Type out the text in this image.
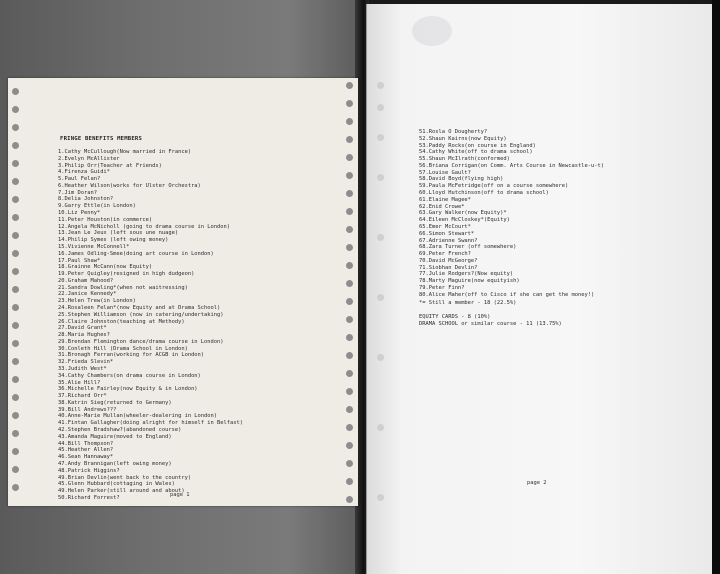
51.Rosla O Dougherty?
52.Shaun Kairns(now Equity)
53.Paddy Rocks(on course in England)
54.Cathy White(off to drama school)
55.Shaun McIlrath(conformed)
56.Briana Corrigan(on Comm. Arts Course in Newcastle-u-t)
57.Louise Gault?
58.David Boyd(flying high)
59.Paula McFetridge(off on a course somewhere)
60.Lloyd Hutchinson(off to drama school)
61.Elaine Magee*
62.Enid Crowe*
63.Gary Walker(now Equity)*
64.Eileen McCloskey*(Equity)
65.Emer McCourt*
66.Simon Stewart*
67.Adrienne Swann?
68.Zara Turner (off somewhere)
69.Peter French?
70.David McGeorge?
71.Siobhan Devlin?
77.Julie Rodgers?(Now equity)
78.Marty Maguire(now equityish)
79.Peter Finn?
80.Alice Maher(off to Cisco if she can get the money!)
*= Still a member - 18 (22.5%)
EQUITY CARDS - 8 (10%)
DRAMA SCHOOL or similar course - 11 (13.75%)
page 2
FRINGE BENEFITS MEMBERS
1.Cathy McCullough(Now married in France)
2.Evelyn McAllister
3.Philip Orr(Teacher at Friends)
4.Firenza Guidi*
5.Paul Felan?
6.Heather Wilson(works for Ulster Orchestra)
7.Jim Doran?
8.Delia Johnston?
9.Garry Ettle(in London)
10.Liz Penny*
11.Peter Houston(in commerce)
12.Angela McNicholl (going to drama course in London)
13.Jean Le Jeux (left sous une nuage)
14.Philip Symes (left owing money)
15.Vivienne McConnell*
16.James Odling-Smee(doing art course in London)
17.Paul Shaw*
18.Grainne McCann(now Equity)
19.Peter Quigley(resigned in high dudgeon)
20.Graham Mahood?
21.Sandra Dowling*(when not waitressing)
22.Janice Kennedy*
23.Helen Trew(in London)
24.Rosaleen Felan*(now Equity and at Drama School)
25.Stephen Williamson (now in catering/undertaking)
26.Claire Johnston(teaching at Methody)
27.David Grant*
28.Maria Hughes?
29.Brendan Flemington dance/drama course in London)
30.Conleth Hill (Drama School in London)
31.Bronagh Ferran(working for ACGB in London)
32.Frieda Slevin*
33.Judith West*
34.Cathy Chambers(on drama course in London)
35.Alie Hill?
36.Michelle Fairley(now Equity & in London)
37.Richard Orr*
38.Katrin Sieg(returned to Germany)
39.Bill Andrews???
40.Anne-Marie Mullan(wheeler-dealering in London)
41.Fintan Gallagher(doing alright for himself in Belfast)
42.Stephen Bradshaw?(abandoned course)
43.Amanda Maguire(moved to England)
44.Bill Thompson?
45.Heather Allen?
46.Sean Hannaway*
47.Andy Brannigan(left owing money)
48.Patrick Higgins?
49.Brian Devlin(went back to the country)
45.Glenn Hubbard(cottaging in Wales)
49.Helen Parker(still around and about)
50.Richard Forrest?	page 1
